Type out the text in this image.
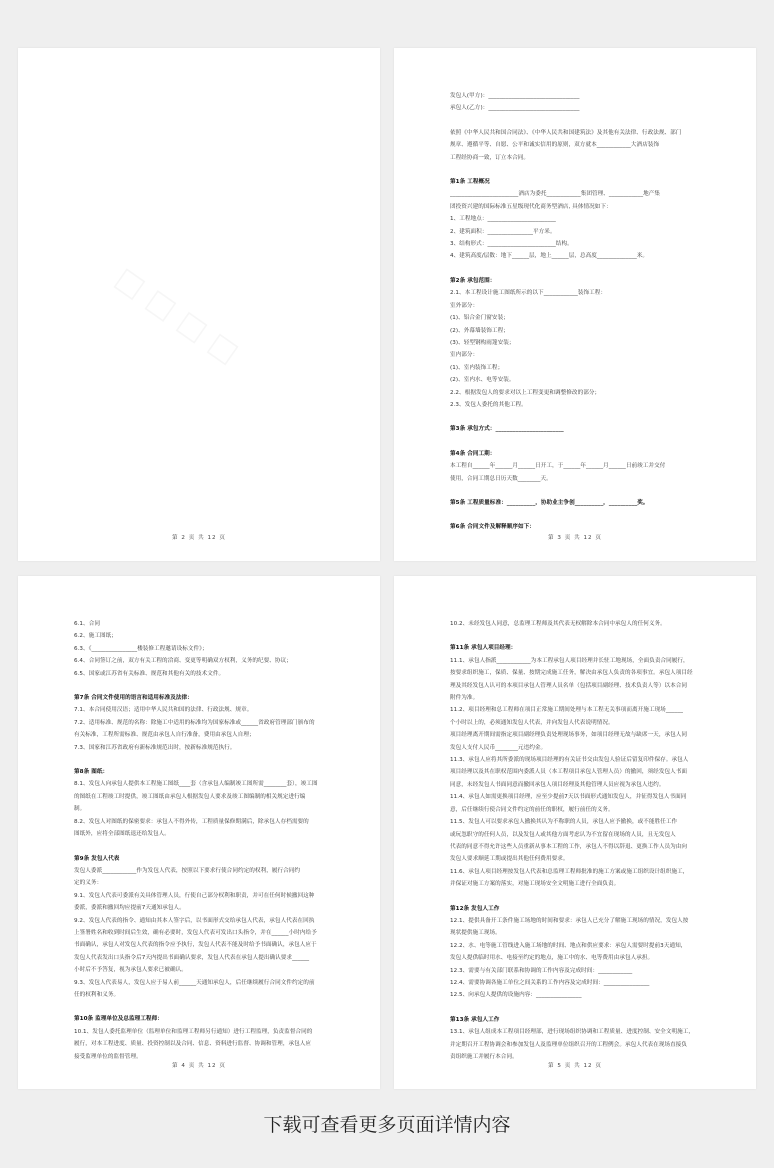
第 2 页 共 12 页
发包人(甲方)：________________________________
承包人(乙方)：________________________________
依照《中华人民共和国合同法》、《中华人民共和国建筑法》及其他有关法律、行政法规、部门
规章、遵循平等、自愿、公平和诚实信用的原则，双方就本____________大酒店装饰
工程经协商一致，订立本合同。
第1条 工程概况
________________________酒店为委托____________集团管理、____________地产集
团投资兴建的国际标准五星级现代化商务型酒店, 具体情况如下：
1、工程地点：________________________
2、建筑面积：________________平方米。
3、结构形式：________________________结构。
4、建筑高度/层数：地下______层，地上______层，总高度______________米。
第2条 承包范围：
2.1、本工程设计施工图纸所示的以下____________装饰工程：
室外部分：
(1)、铝合金门窗安装；
(2)、外幕墙装饰工程；
(3)、轻型钢构雨篷安装；
室内部分：
(1)、室内装饰工程；
(2)、室内水、电等安装。
2.2、根据发包人的要求对以上工程变更和调整修改的部分；
2.3、发包人委托的其他工程。
第3条 承包方式：________________________
第4条 合同工期：
本工程自______年______月______日开工，于______年______月______日前竣工并交付
使用，合同工期总日历天数________天。
第5条 工程质量标准：__________，协助业主争创__________，__________奖。
第6条 合同文件及解释顺序如下：
第 3 页 共 12 页
6.1、合同
6.2、施工图纸；
6.3、《________________楼装修工程邀请设标文件》；
6.4、合同签订之前，双方有关工程的洽商、变更等明确双方权利，义务的纪要、协议；
6.5、国家或江苏省有关标准、规范和其他有关的技术文件。
第7条 合同文件使用的语言和适用标准及法律：
7.1、本合同使用汉语；适用中华人民共和国的法律、行政法规、规章。
7.2、适用标准、规范的名称：除施工中适用的标准均为国家标准或______省政府管理部门颁布的
有关标准，工程所需标准、规范由承包人自行准备，费用由承包人自理；
7.3、国家和江苏省政府有新标准规范出时，按新标准规范执行。
第8条 图纸：
8.1、发包人向承包人提供本工程施工图纸____套（含承包人编制竣工图所需________套），竣工图
的图纸在工程竣工时提供，竣工图纸由承包人根据发包人要求及竣工图编制的相关规定进行编
制。
8.2、发包人对图纸的保密要求：承包人不得外传，工程质量保修期满后，除承包人存档需要的
图纸外，应将全部图纸退还给发包人。
第9条 发包人代表
发包人委派____________作为发包人代表，按照以下要求行使合同约定的权利，履行合同约
定的义务：
9.1、发包人代表可委派有关具体管理人员，行使自己部分权利和职责，并可在任何时候撤回这种
委派，委派和撤回均应提前7天通知承包人。
9.2、发包人代表的指令、通知由其本人签字后，以书面形式交给承包人代表，承包人代表在回执
上签署姓名和收到时间后生效，确有必要时，发包人代表可发出口头指令，并在______小时内给予
书面确认，承包人对发包人代表的指令应予执行，发包人代表不能及时给予书面确认，承包人应于
发包人代表发出口头指令后7天内提出书面确认要求，发包人代表在承包人提出确认要求______
小时后不予答复，视为承包人要求已被确认。
9.3、发包人代表易人，发包人应于易人前______天通知承包人，后任继续履行合同文件约定的前
任的权利和义务。
第10条 监理单位及总监理工程师：
10.1、发包人委托监理单位（监理单位和监理工程师另行通知）进行工程监理，负责监督合同的
履行，对本工程进度、质量、投资控制以及合同、信息、资料进行监督、协调和管理，承包人应
接受监理单位的监督管理。
第 4 页 共 12 页
10.2、未经发包人同意，总监理工程师及其代表无权解除本合同中承包人的任何义务。
第11条 承包人项目经理：
11.1、承包人指派____________为本工程承包人项目经理并长驻工地现场，全面负责合同履行，
按要求组织施工，保质、保量、按期完成施工任务，解决由承包人负责的各项事宜。承包人项目经
理及其经发包人认可的本项目承包人管理人员名单（包括项目副经理、技术负责人等）以本合同
附件为准。
11.2、项目经理和总工程师在项目正常施工期间处理与本工程无关事项而离开施工现场______
个小时以上的，必须通知发包人代表，并向发包人代表说明情况。
项目经理离开期间需指定项目副经理负责处理现场事务，如项目经理无故与缺席一天，承包人同
发包人支付人民币________元违约金。
11.3、承包人应将其所委派的现场项目经理的有关证书交由发包人验证后留复印件保存。承包人
项目经理以及其在职权范围内委派人员（本工程项目承包人管理人员）的撤回，须经发包人书面
同意，未经发包人书面同意而撤回承包人项目经理及其他管理人员应视为承包人违约。
11.4、承包人如需更换项目经理，应至少提前7天以书面形式通知发包人，并征得发包人书面同
意，后任继续行使合同文件约定的前任的职权，履行前任的义务。
11.5、发包人可以要求承包人撤换其认为不称职的人员，承包人应予撤换，或不能胜任工作
或玩忽职守的任何人员，以及发包人或其他方面考虑认为不宜留在现场的人员，且无发包人
代表的同意不得允许这些人员重新从事本工程的工作，承包人不得以辞退、更换工作人员为由向
发包人要求顺延工期或提出其他任何费用要求。
11.6、承包人项目经理按发包人代表和总监理工程师批准的施工方案或施工组织设计组织施工，
并保证对施工方案的落实，对施工现场安全文明施工进行全面负责。
第12条 发包人工作
12.1、提供具备开工条件施工场地的时间和要求：承包人已充分了解施工现场的情况，发包人按
现状提供施工现场。
12.2、水、电等施工管线进入施工场地的时间、地点和供应要求：承包人需要时提前3天通知，
发包人提供临时用水、电接至约定的地点，施工中的水、电等费用由承包人承担。
12.3、需要与有关部门联系和协调的工作内容及完成时间：____________
12.4、需要协调各施工单位之间关系的工作内容及完成时间：________________
12.5、向承包人提供的设施内容：________________
第13条 承包人工作
13.1、承包人组成本工程项目经理部，进行现场组织协调和工程质量、进度控制、安全文明施工，
并定期召开工程协调会和参加发包人及监理单位组织召开的工程例会。承包人代表在现场直接负
责组织施工并履行本合同。
第 5 页 共 12 页
下载可查看更多页面详情内容
